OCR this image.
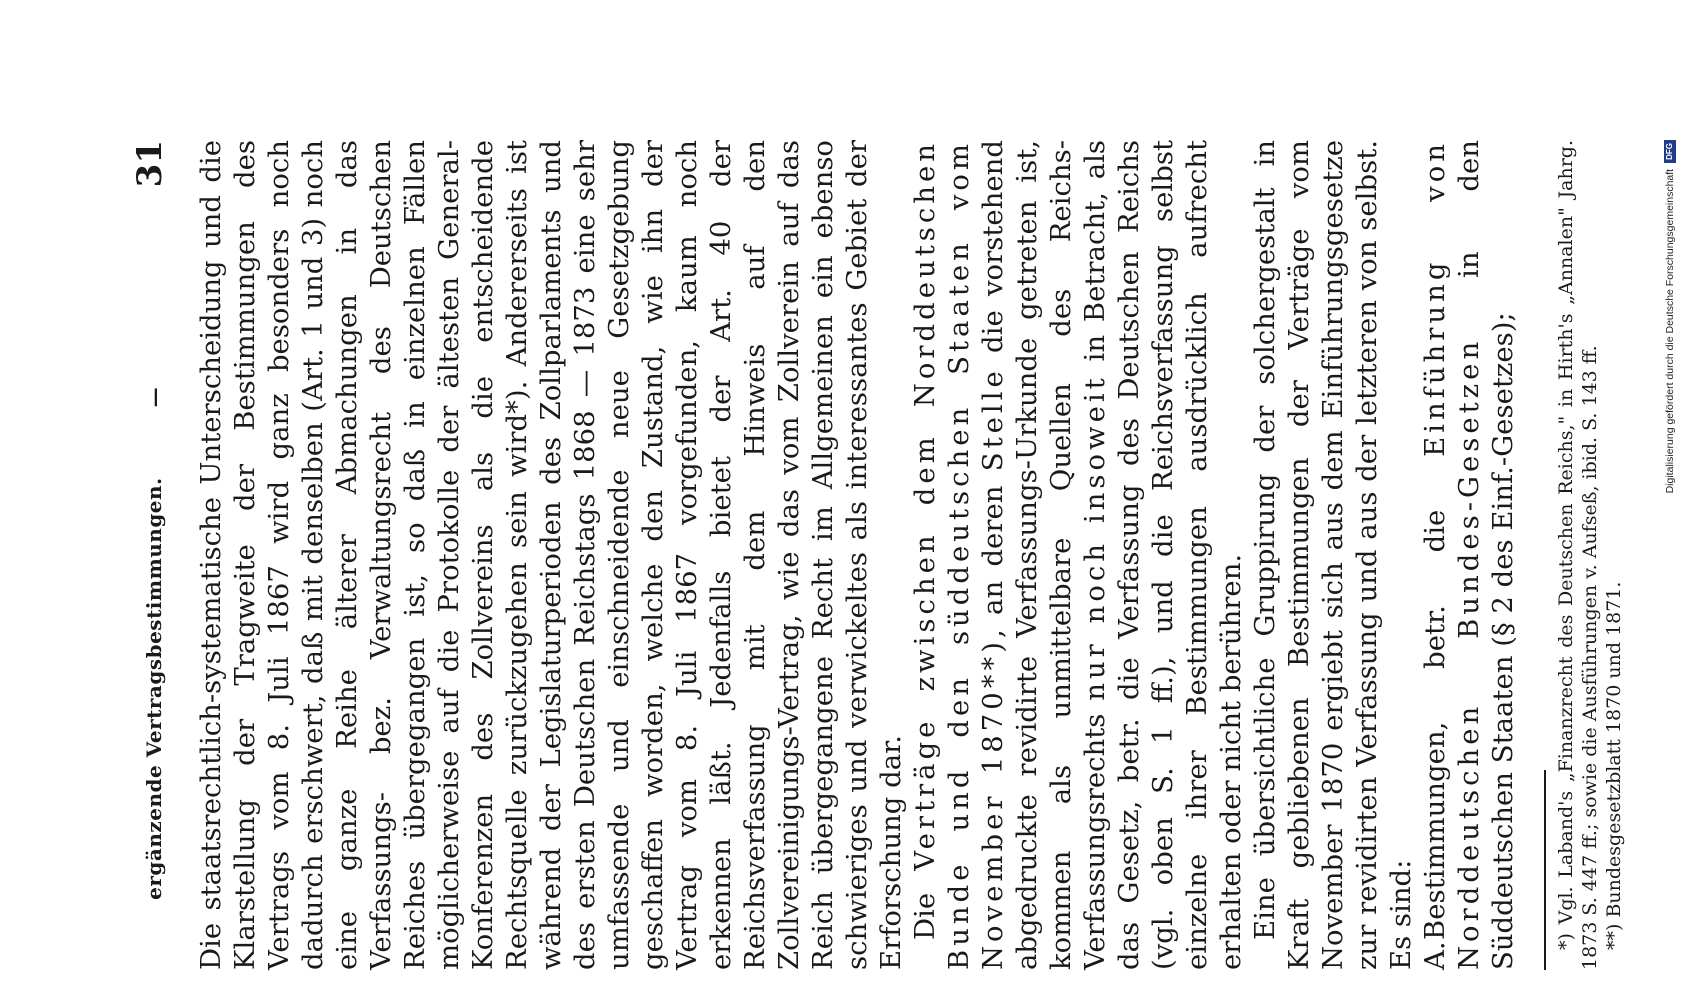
ergänzende Vertragsbestimmungen.
—
31 Die staatsrechtlich-systematische Unterscheidung und die Klarstellung der Tragweite der Bestimmungen des Vertrags vom 8. Juli 1867 wird ganz besonders noch dadurch erschwert, daß mit denselben (Art. 1 und 3) noch eine ganze Reihe älterer Abmachungen in das Verfassungs- bez. Verwaltungsrecht des Deutschen Reiches übergegangen ist, so daß in einzelnen Fällen möglicherweise auf die Protokolle der ältesten General-Konferenzen des Zollvereins als die entscheidende Rechtsquelle zurückzugehen sein wird*). Andererseits ist während der Legislaturperioden des Zollparlaments und des ersten Deutschen Reichstags 1868 — 1873 eine sehr umfassende und einschneidende neue Gesetzgebung geschaffen worden, welche den Zustand, wie ihn der Vertrag vom 8. Juli 1867 vorgefunden, kaum noch erkennen läßt. Jedenfalls bietet der Art. 40 der Reichsverfassung mit dem Hinweis auf den Zollvereinigungs-Vertrag, wie das vom Zollverein auf das Reich übergegangene Recht im Allgemeinen ein ebenso schwieriges und verwickeltes als interessantes Gebiet der Erforschung dar. Die Verträge zwischen dem Norddeutschen Bunde und den süddeutschen Staaten vom November 1870**), an deren Stelle die vorstehend abgedruckte revidirte Verfassungs-Urkunde getreten ist, kommen als unmittelbare Quellen des Reichs-Verfassungsrechts nur noch insoweit in Betracht, als das Gesetz, betr. die Verfassung des Deutschen Reichs (vgl. oben S. 1 ff.), und die Reichsverfassung selbst einzelne ihrer Bestimmungen ausdrücklich aufrecht erhalten oder nicht berühren. Eine übersichtliche Gruppirung der solchergestalt in Kraft gebliebenen Bestimmungen der Verträge vom November 1870 ergiebt sich aus dem Einführungsgesetze zur revidirten Verfassung und aus der letzteren von selbst. Es sind: A.Bestimmungen, betr. die Einführung von Norddeutschen Bundes-Gesetzen in den Süddeutschen Staaten (§ 2 des Einf.-Gesetzes); *) Vgl. Laband's „Finanzrecht des Deutschen Reichs," in Hirth's „Annalen" Jahrg. 1873 S. 447 ff.; sowie die Ausführungen v. Aufseß, ibid. S. 143 ff. **) Bundesgesetzblatt 1870 und 1871.

Digitalisierung gefördert durch die Deutsche Forschungsgemeinschaft
DFG
